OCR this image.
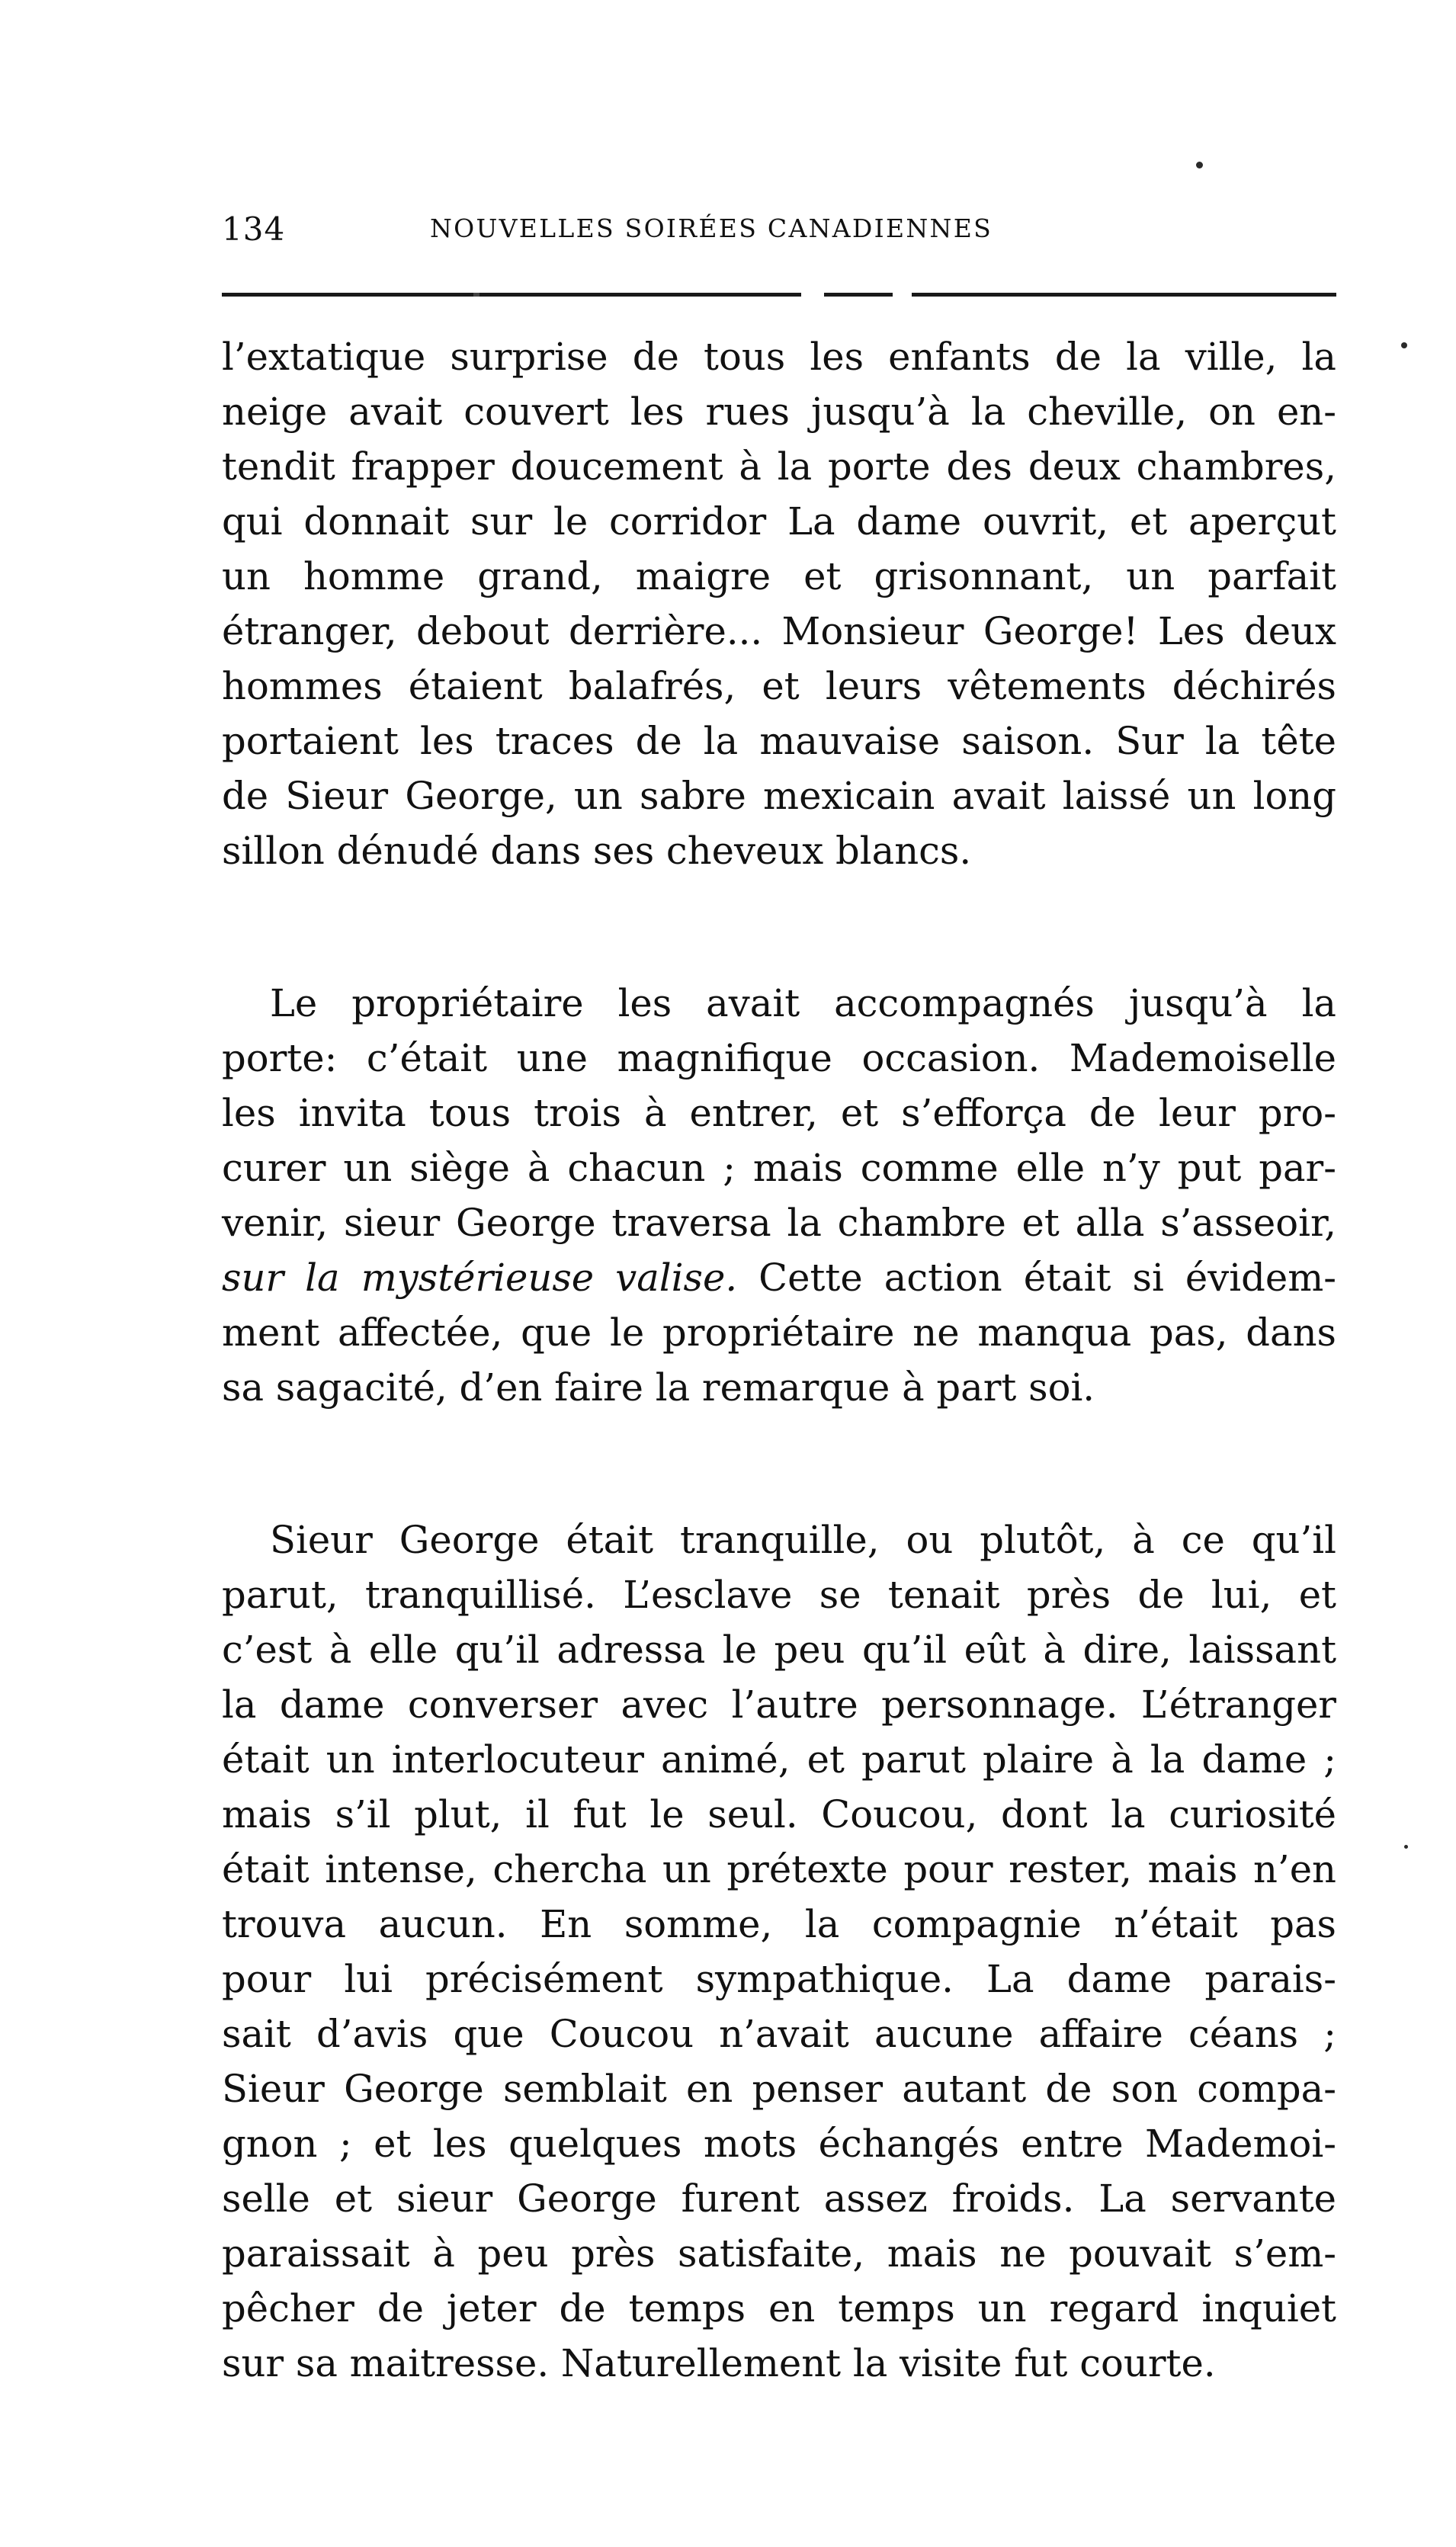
134	NOUVELLES SOIRÉES CANADIENNES
l’extatique surprise de tous les enfants de la ville, la
neige avait couvert les rues jusqu’à la cheville, on en-
tendit frapper doucement à la porte des deux chambres,
qui donnait sur le corridor La dame ouvrit, et aperçut
un homme grand, maigre et grisonnant, un parfait
étranger, debout derrière... Monsieur George! Les deux
hommes étaient balafrés, et leurs vêtements déchirés
portaient les traces de la mauvaise saison. Sur la tête
de Sieur George, un sabre mexicain avait laissé un long
sillon dénudé dans ses cheveux blancs.
Le propriétaire les avait accompagnés jusqu’à la
porte: c’était une magnifique occasion. Mademoiselle
les invita tous trois à entrer, et s’efforça de leur pro-
curer un siège à chacun ; mais comme elle n’y put par-
venir, sieur George traversa la chambre et alla s’asseoir,
sur la mystérieuse valise. Cette action était si évidem-
ment affectée, que le propriétaire ne manqua pas, dans
sa sagacité, d’en faire la remarque à part soi.
Sieur George était tranquille, ou plutôt, à ce qu’il
parut, tranquillisé. L’esclave se tenait près de lui, et
c’est à elle qu’il adressa le peu qu’il eût à dire, laissant
la dame converser avec l’autre personnage. L’étranger
était un interlocuteur animé, et parut plaire à la dame ;
mais s’il plut, il fut le seul. Coucou, dont la curiosité
était intense, chercha un prétexte pour rester, mais n’en
trouva aucun. En somme, la compagnie n’était pas
pour lui précisément sympathique. La dame parais-
sait d’avis que Coucou n’avait aucune affaire céans ;
Sieur George semblait en penser autant de son compa-
gnon ; et les quelques mots échangés entre Mademoi-
selle et sieur George furent assez froids. La servante
paraissait à peu près satisfaite, mais ne pouvait s’em-
pêcher de jeter de temps en temps un regard inquiet
sur sa maitresse. Naturellement la visite fut courte.
